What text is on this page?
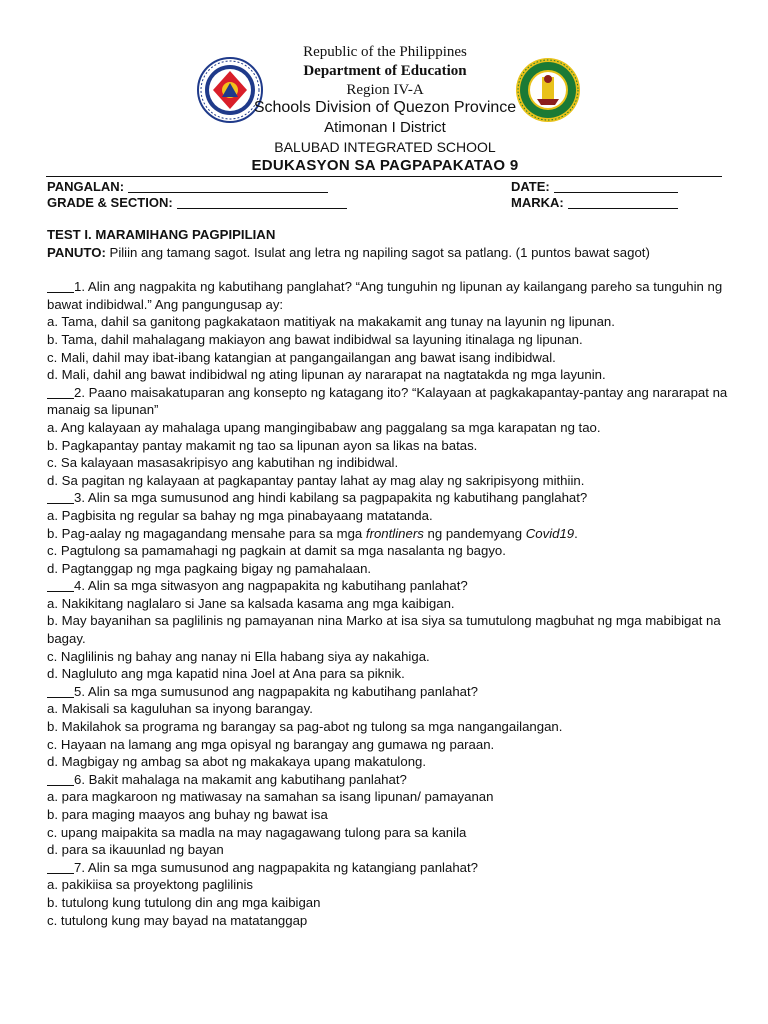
Republic of the Philippines
Department of Education
Region IV-A
Schools Division of Quezon Province
Atimonan I District
BALUBAD INTEGRATED SCHOOL
EDUKASYON SA PAGPAPAKATAO 9
PANGALAN:	DATE:
GRADE & SECTION:	MARKA:
TEST I. MARAMIHANG PAGPIPILIAN
PANUTO: Piliin ang tamang sagot. Isulat ang letra ng napiling sagot sa patlang. (1 puntos bawat sagot)
1. Alin ang nagpakita ng kabutihang panglahat? “Ang tunguhin ng lipunan ay kailangang pareho sa tunguhin ng bawat indibidwal.” Ang pangungusap ay:
a. Tama, dahil sa ganitong pagkakataon matitiyak na makakamit ang tunay na layunin ng lipunan.
b. Tama, dahil mahalagang makiayon ang bawat indibidwal sa layuning itinalaga ng lipunan.
c. Mali, dahil may ibat-ibang katangian at pangangailangan ang bawat isang indibidwal.
d. Mali, dahil ang bawat indibidwal ng ating lipunan ay nararapat na nagtatakda ng mga layunin.
2. Paano maisakatuparan ang konsepto ng katagang ito? “Kalayaan at pagkakapantay-pantay ang nararapat na manaig sa lipunan”
a. Ang kalayaan ay mahalaga upang mangingibabaw ang paggalang sa mga karapatan ng tao.
b. Pagkapantay pantay makamit ng tao sa lipunan ayon sa likas na batas.
c. Sa kalayaan masasakripisyo ang kabutihan ng indibidwal.
d. Sa pagitan ng kalayaan at pagkapantay pantay lahat ay mag alay ng sakripisyong mithiin.
3. Alin sa mga sumusunod ang hindi kabilang sa pagpapakita ng kabutihang panglahat?
a. Pagbisita ng regular sa bahay ng mga pinabayaang matatanda.
b. Pag-aalay ng magagandang mensahe para sa mga frontliners ng pandemyang Covid19.
c. Pagtulong sa pamamahagi ng pagkain at damit sa mga nasalanta ng bagyo.
d. Pagtanggap ng mga pagkaing bigay ng pamahalaan.
4. Alin sa mga sitwasyon ang nagpapakita ng kabutihang panlahat?
a. Nakikitang naglalaro si Jane sa kalsada kasama ang mga kaibigan.
b. May bayanihan sa paglilinis ng pamayanan nina Marko at isa siya sa tumutulong magbuhat ng mga mabibigat na bagay.
c. Naglilinis ng bahay ang nanay ni Ella habang siya ay nakahiga.
d. Nagluluto ang mga kapatid nina Joel at Ana para sa piknik.
5. Alin sa mga sumusunod ang nagpapakita ng kabutihang panlahat?
a. Makisali sa kaguluhan sa inyong barangay.
b. Makilahok sa programa ng barangay sa pag-abot ng tulong sa mga nangangailangan.
c. Hayaan na lamang ang mga opisyal ng barangay ang gumawa ng paraan.
d. Magbigay ng ambag sa abot ng makakaya upang makatulong.
6. Bakit mahalaga na makamit ang kabutihang panlahat?
a. para magkaroon ng matiwasay na samahan sa isang lipunan/ pamayanan
b. para maging maayos ang buhay ng bawat isa
c. upang maipakita sa madla na may nagagawang tulong para sa kanila
d. para sa ikauunlad ng bayan
7. Alin sa mga sumusunod ang nagpapakita ng katangiang panlahat?
a. pakikiisa sa proyektong paglilinis
b. tutulong kung tutulong din ang mga kaibigan
c. tutulong kung may bayad na matatanggap
